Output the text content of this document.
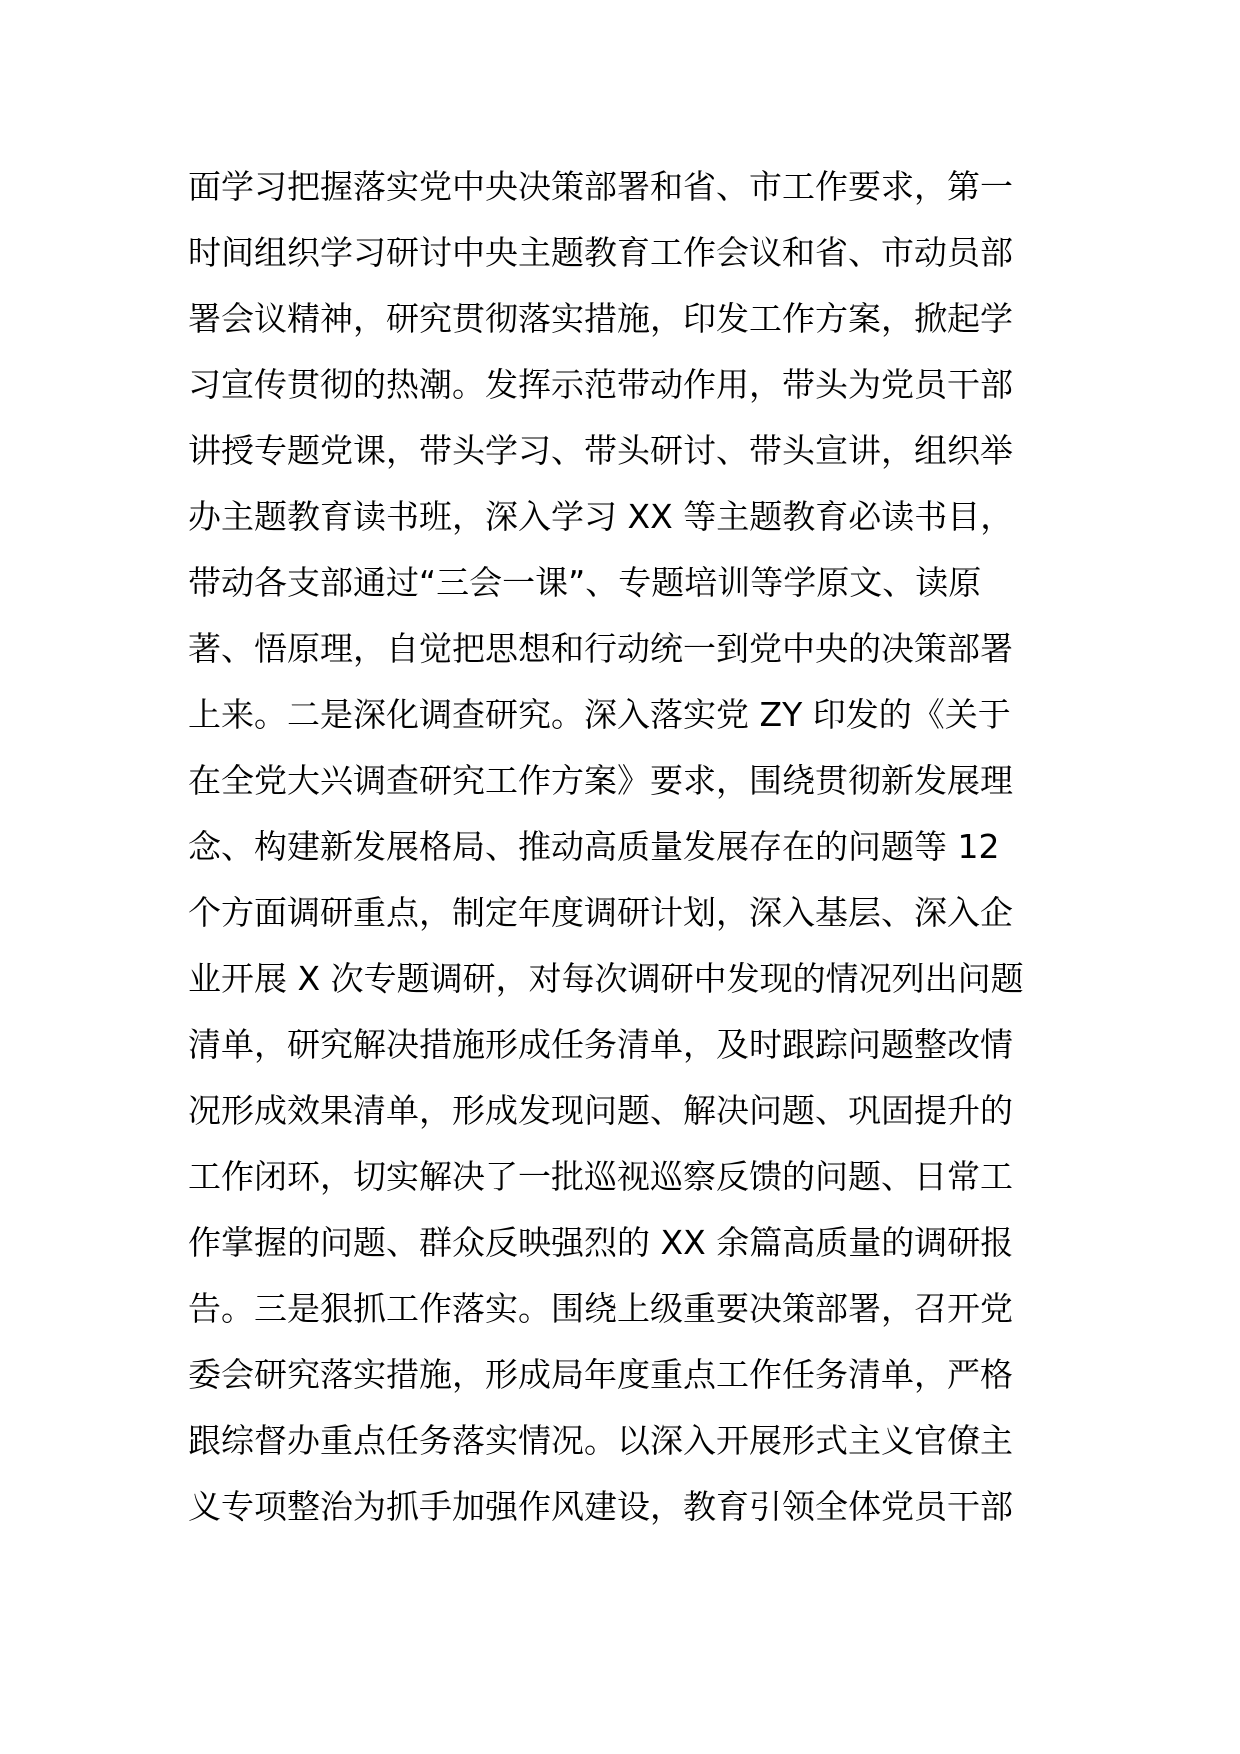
面学习把握落实党中央决策部署和省、市工作要求，第一
时间组织学习研讨中央主题教育工作会议和省、市动员部
署会议精神，研究贯彻落实措施，印发工作方案，掀起学
习宣传贯彻的热潮。发挥示范带动作用，带头为党员干部
讲授专题党课，带头学习、带头研讨、带头宣讲，组织举
办主题教育读书班，深入学习 XX 等主题教育必读书目，
带动各支部通过“三会一课”、专题培训等学原文、读原
著、悟原理，自觉把思想和行动统一到党中央的决策部署
上来。二是深化调查研究。深入落实党 ZY 印发的《关于
在全党大兴调查研究工作方案》要求，围绕贯彻新发展理
念、构建新发展格局、推动高质量发展存在的问题等 12
个方面调研重点，制定年度调研计划，深入基层、深入企
业开展 X 次专题调研，对每次调研中发现的情况列出问题
清单，研究解决措施形成任务清单，及时跟踪问题整改情
况形成效果清单，形成发现问题、解决问题、巩固提升的
工作闭环，切实解决了一批巡视巡察反馈的问题、日常工
作掌握的问题、群众反映强烈的 XX 余篇高质量的调研报
告。三是狠抓工作落实。围绕上级重要决策部署，召开党
委会研究落实措施，形成局年度重点工作任务清单，严格
跟综督办重点任务落实情况。以深入开展形式主义官僚主
义专项整治为抓手加强作风建设，教育引领全体党员干部
